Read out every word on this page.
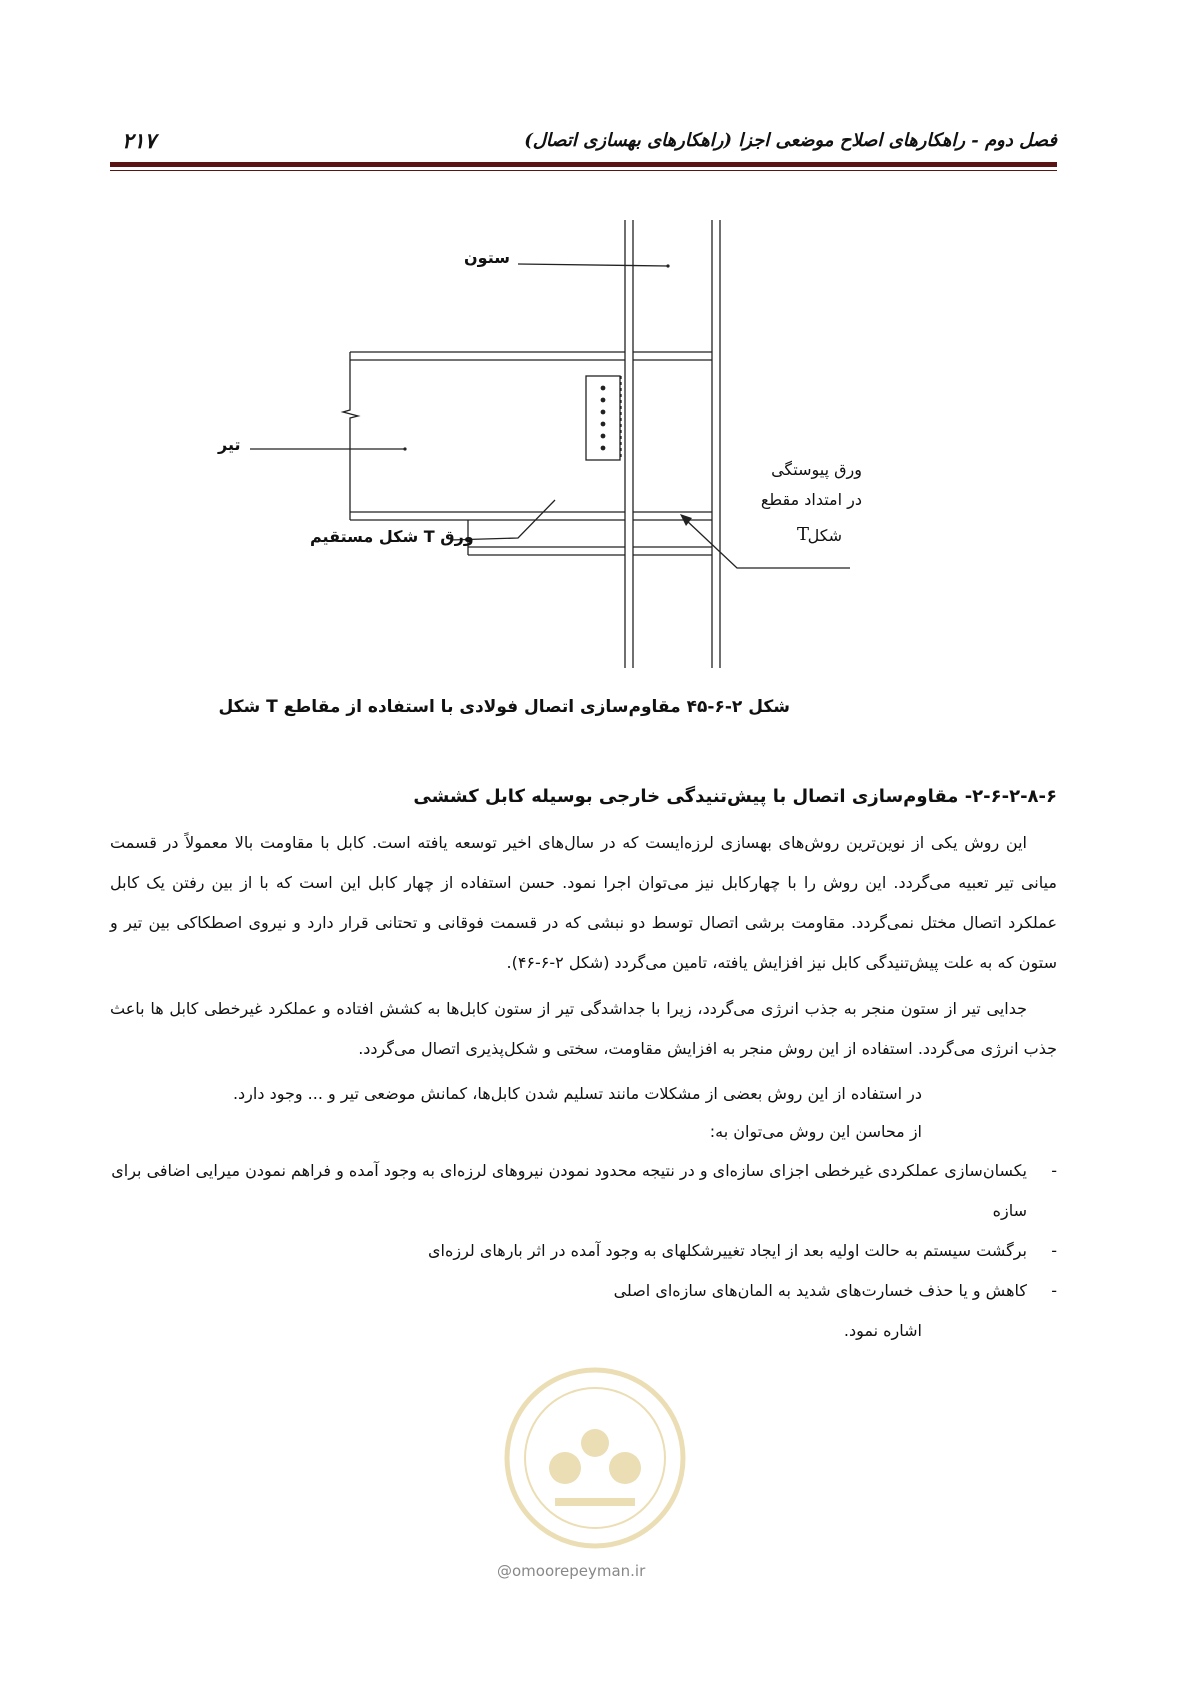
فصل دوم - راهکارهای اصلاح موضعی اجزا (راهکارهای بهسازی اتصال)
۲۱۷
ستون
تیر
ورق T شکل مستقیم
ورق پیوستگی
در امتداد مقطع
شکل
T
شکل ۲-۶-۴۵ مقاوم‌سازی اتصال فولادی با استفاده از مقاطع T شکل
۲-۶-۲-۸-۶- مقاوم‌سازی اتصال با پیش‌تنیدگی خارجی بوسیله کابل کششی

این روش یکی از نوین‌ترین روش‌های بهسازی لرزه‌ایست که در سال‌های اخیر توسعه یافته است. کابل با مقاومت بالا معمولاً در قسمت میانی تیر تعبیه می‌گردد. این روش را با چهارکابل نیز می‌توان اجرا نمود. حسن استفاده از چهار کابل این است که با از بین رفتن یک کابل عملکرد اتصال مختل نمی‌گردد. مقاومت برشی اتصال توسط دو نبشی که در قسمت فوقانی و تحتانی قرار دارد و نیروی اصطکاکی بین تیر و ستون که به علت پیش‌تنیدگی کابل نیز افزایش یافته، تامین می‌گردد (شکل ۲-۶-۴۶).

جدایی تیر از ستون منجر به جذب انرژی می‌گردد، زیرا با جداشدگی تیر از ستون کابل‌ها به کشش افتاده و عملکرد غیرخطی کابل ها باعث جذب انرژی می‌گردد. استفاده از این روش منجر به افزایش مقاومت، سختی و شکل‌پذیری اتصال می‌گردد.

در استفاده از این روش بعضی از مشکلات مانند تسلیم شدن کابل‌ها، کمانش موضعی تیر و ... وجود دارد.

از محاسن این روش می‌توان به:

-
یکسان‌سازی عملکردی غیرخطی اجزای سازه‌ای و در نتیجه محدود نمودن نیروهای لرزه‌ای به وجود آمده و فراهم نمودن میرایی اضافی برای سازه
-
برگشت سیستم به حالت اولیه بعد از ایجاد تغییرشکلهای به وجود آمده در اثر بارهای لرزه‌ای
-
کاهش و یا حذف خسارت‌های شدید به المان‌های سازه‌ای اصلی

اشاره نمود.

@omoorepeyman.ir
